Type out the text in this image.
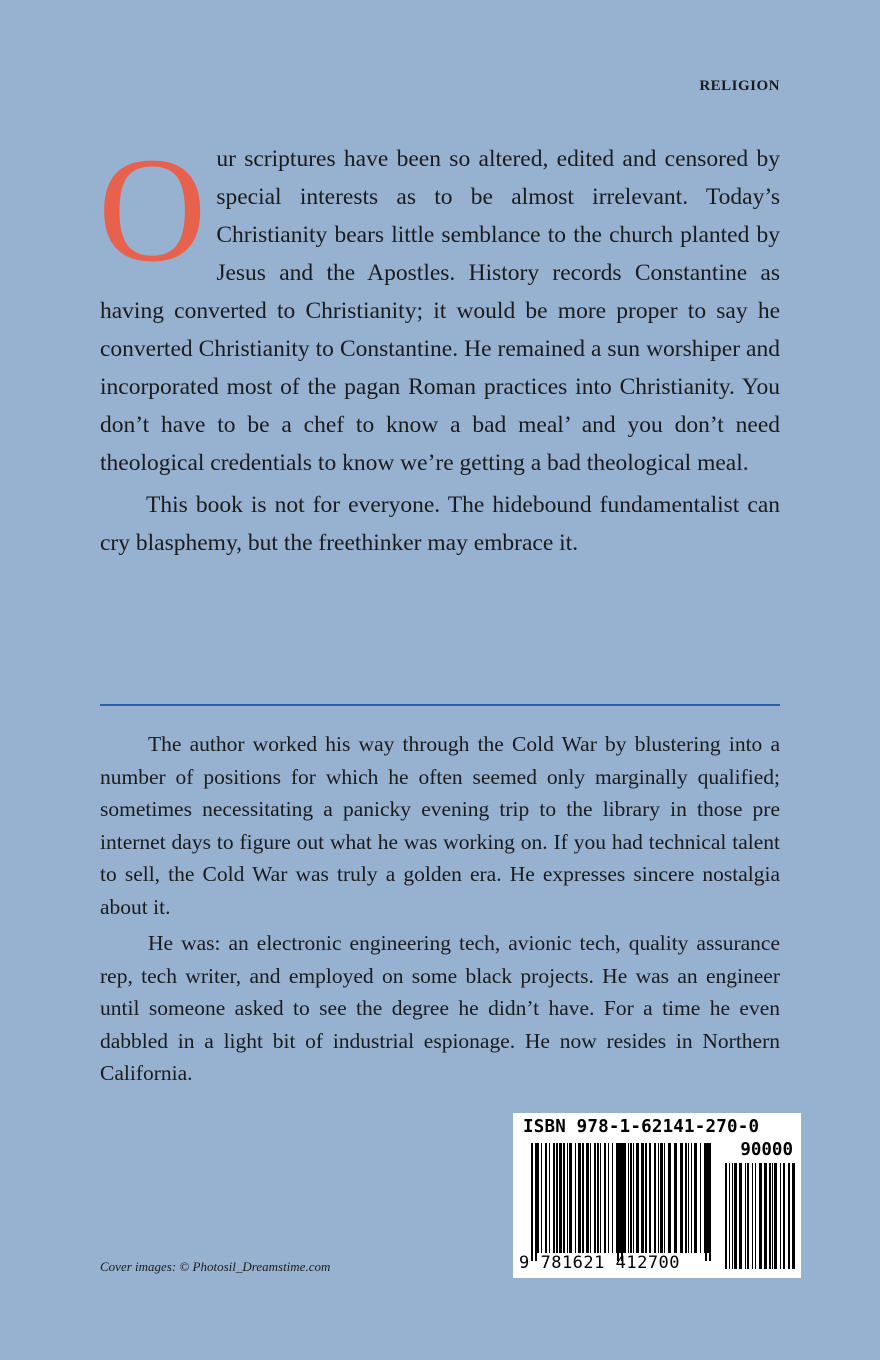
RELIGION
O ur scriptures have been so altered, edited and censored by special interests as to be almost irrelevant. Today’s Christianity bears little semblance to the church planted by Jesus and the Apostles. History records Constantine as having converted to Christianity; it would be more proper to say he converted Christianity to Constantine. He remained a sun worshiper and incorporated most of the pagan Roman practices into Christianity. You don’t have to be a chef to know a bad meal’ and you don’t need theological credentials to know we’re getting a bad theological meal.

This book is not for everyone. The hidebound fundamentalist can cry blasphemy, but the freethinker may embrace it.

The author worked his way through the Cold War by blustering into a number of positions for which he often seemed only marginally qualified; sometimes necessitating a panicky evening trip to the library in those pre internet days to figure out what he was working on. If you had technical talent to sell, the Cold War was truly a golden era. He expresses sincere nostalgia about it.

He was: an electronic engineering tech, avionic tech, quality assurance rep, tech writer, and employed on some black projects. He was an engineer until someone asked to see the degree he didn’t have. For a time he even dabbled in a light bit of industrial espionage. He now resides in Northern California.

ISBN 978-1-62141-270-0
90000
9 781621 412700
Cover images: © Photosil_Dreamstime.com
